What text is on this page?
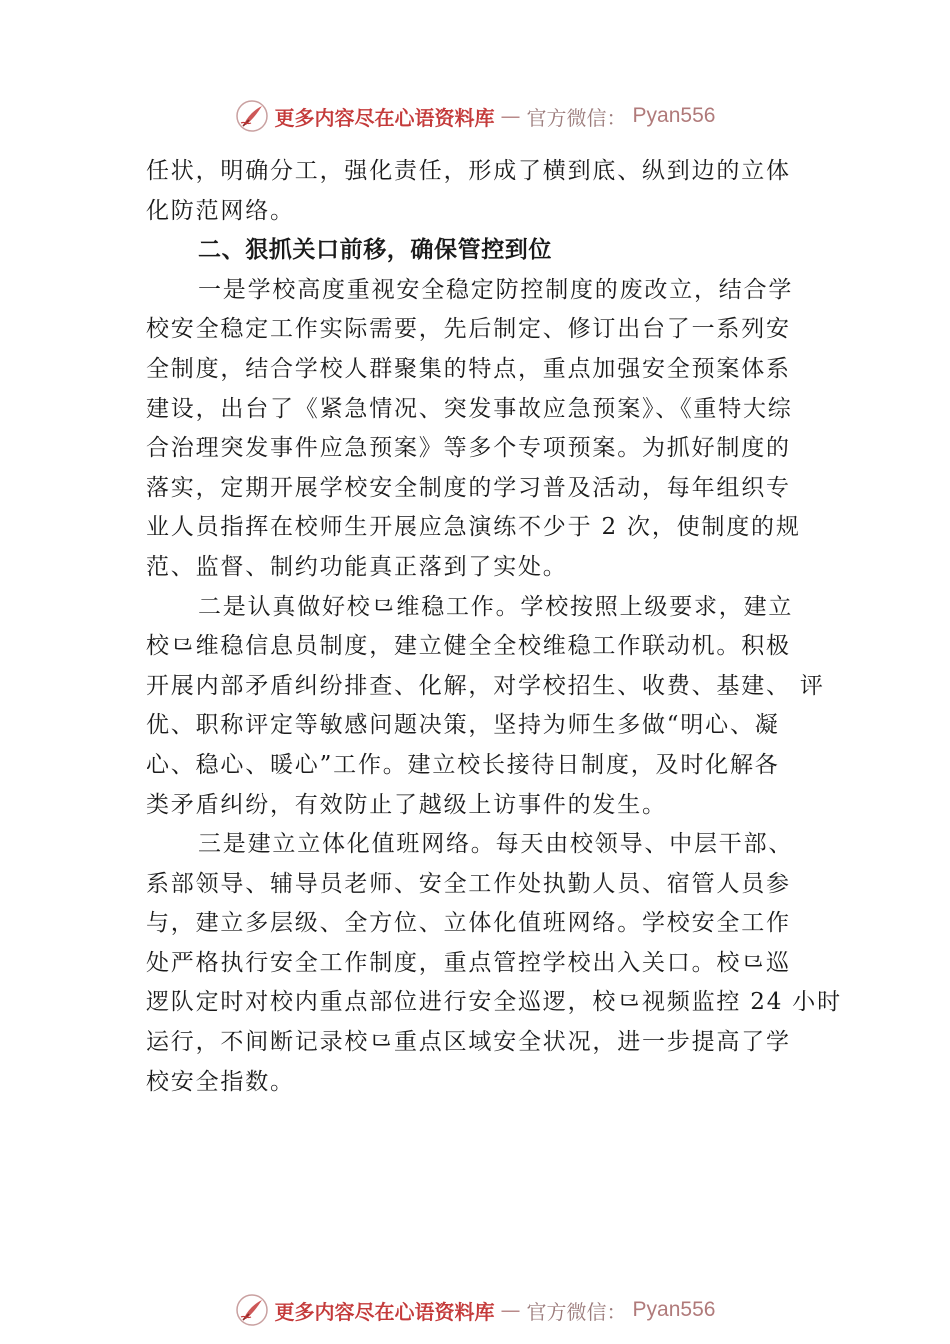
更多内容尽在心语资料库 — 官方微信： Pyan556
任状，明确分工，强化责任，形成了横到底、纵到边的立体
化防范网络。
二、狠抓关口前移，确保管控到位
一是学校高度重视安全稳定防控制度的废改立，结合学
校安全稳定工作实际需要，先后制定、修订出台了一系列安
全制度，结合学校人群聚集的特点，重点加强安全预案体系
建设，出台了《紧急情况、突发事故应急预案》、《重特大综
合治理突发事件应急预案》等多个专项预案。为抓好制度的
落实，定期开展学校安全制度的学习普及活动，每年组织专
业人员指挥在校师生开展应急演练不少于 2 次，使制度的规
范、监督、制约功能真正落到了实处。
二是认真做好校⺋维稳工作。学校按照上级要求，建立
校⺋维稳信息员制度，建立健全全校维稳工作联动机。积极
开展内部矛盾纠纷排查、化解，对学校招生、收费、基建、 评
优、职称评定等敏感问题决策，坚持为师生多做“明心、凝
心、稳心、暖心”工作。建立校长接待日制度，及时化解各
类矛盾纠纷，有效防止了越级上访事件的发生。
三是建立立体化值班网络。每天由校领导、中层干部、
系部领导、辅导员老师、安全工作处执勤人员、宿管人员参
与，建立多层级、全方位、立体化值班网络。学校安全工作
处严格执行安全工作制度，重点管控学校出入关口。校⺋巡
逻队定时对校内重点部位进行安全巡逻，校⺋视频监控 24 小时
运行，不间断记录校⺋重点区域安全状况，进一步提高了学
校安全指数。
更多内容尽在心语资料库 — 官方微信： Pyan556
